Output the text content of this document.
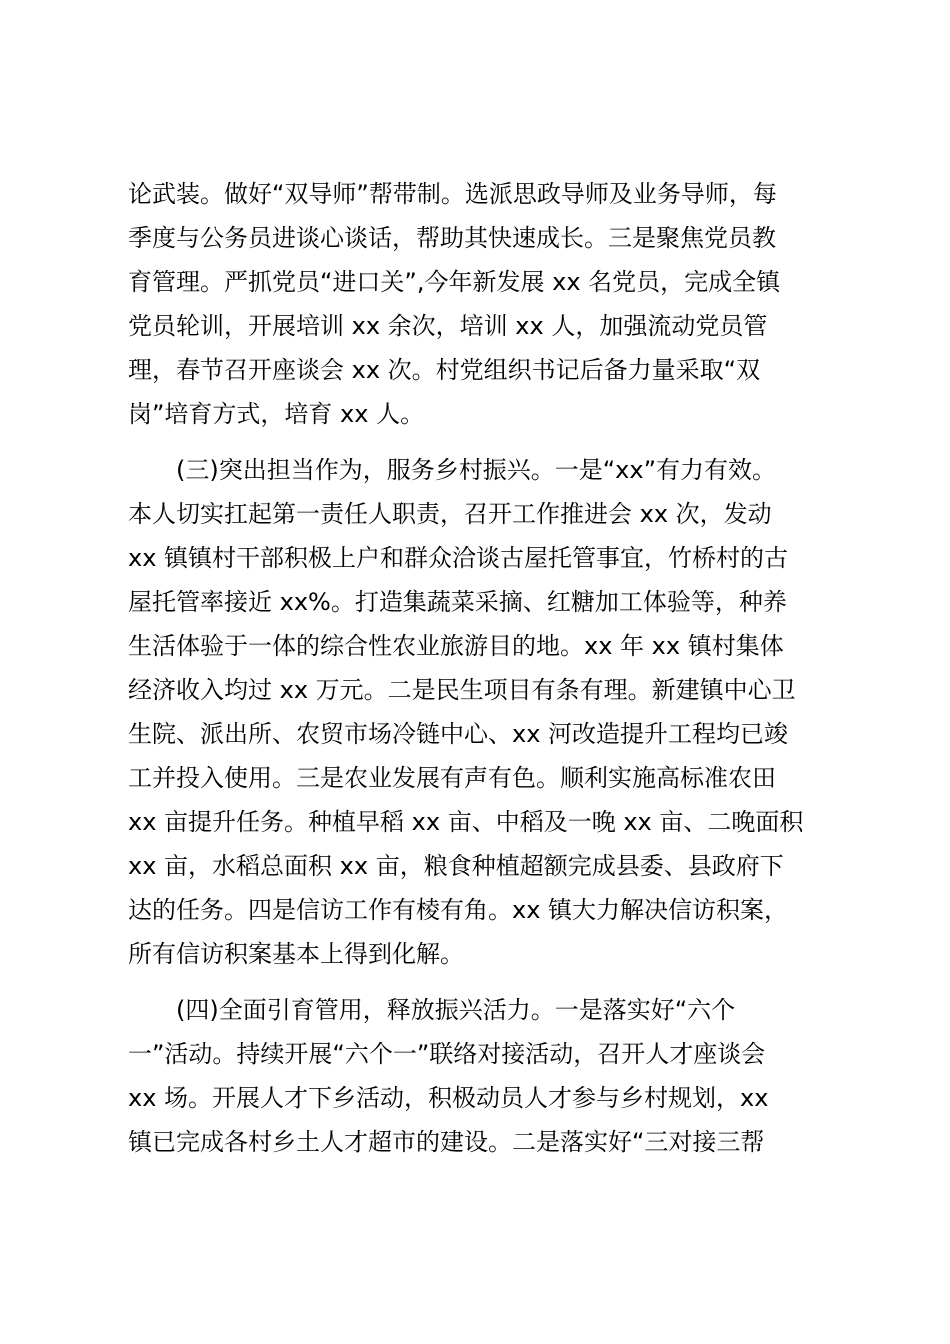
论武装。做好“双导师”帮带制。选派思政导师及业务导师，每
季度与公务员进谈心谈话，帮助其快速成长。三是聚焦党员教
育管理。严抓党员“进口关”,今年新发展 xx 名党员，完成全镇
党员轮训，开展培训 xx 余次，培训 xx 人，加强流动党员管
理，春节召开座谈会 xx 次。村党组织书记后备力量采取“双
岗”培育方式，培育 xx 人。
(三)突出担当作为，服务乡村振兴。一是“xx”有力有效。
本人切实扛起第一责任人职责，召开工作推进会 xx 次，发动
xx 镇镇村干部积极上户和群众洽谈古屋托管事宜，竹桥村的古
屋托管率接近 xx%。打造集蔬菜采摘、红糖加工体验等，种养
生活体验于一体的综合性农业旅游目的地。xx 年 xx 镇村集体
经济收入均过 xx 万元。二是民生项目有条有理。新建镇中心卫
生院、派出所、农贸市场冷链中心、xx 河改造提升工程均已竣
工并投入使用。三是农业发展有声有色。顺利实施高标准农田
xx 亩提升任务。种植早稻 xx 亩、中稻及一晚 xx 亩、二晚面积
xx 亩，水稻总面积 xx 亩，粮食种植超额完成县委、县政府下
达的任务。四是信访工作有棱有角。xx 镇大力解决信访积案，
所有信访积案基本上得到化解。
(四)全面引育管用，释放振兴活力。一是落实好“六个
一”活动。持续开展“六个一”联络对接活动，召开人才座谈会
xx 场。开展人才下乡活动，积极动员人才参与乡村规划，xx
镇已完成各村乡土人才超市的建设。二是落实好“三对接三帮
